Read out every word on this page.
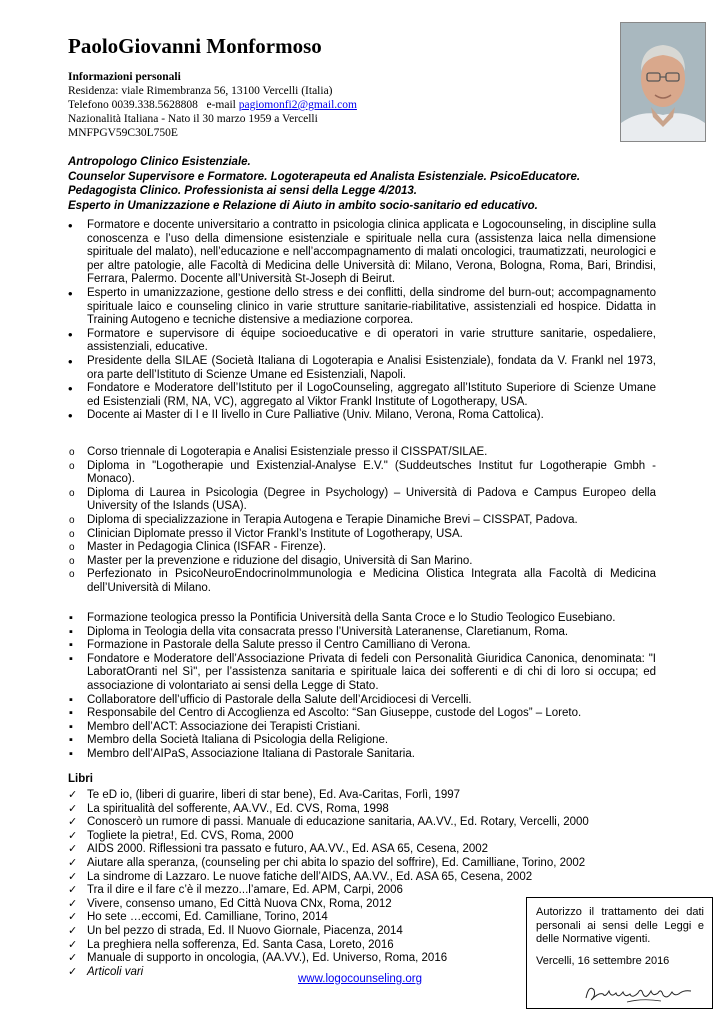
PaoloGiovanni Monformoso
Informazioni personali
Residenza: viale Rimembranza 56, 13100 Vercelli (Italia)
Telefono 0039.338.5628808 e-mail pagiomonfi2@gmail.com
Nazionalità Italiana - Nato il 30 marzo 1959 a Vercelli
MNFPGV59C30L750E
Antropologo Clinico Esistenziale.
Counselor Supervisore e Formatore. Logoterapeuta ed Analista Esistenziale. PsicoEducatore.
Pedagogista Clinico. Professionista ai sensi della Legge 4/2013.
Esperto in Umanizzazione e Relazione di Aiuto in ambito socio-sanitario ed educativo.
• Formatore e docente universitario a contratto in psicologia clinica applicata e Logocounseling, in discipline sulla conoscenza e l’uso della dimensione esistenziale e spirituale nella cura (assistenza laica nella dimensione spirituale del malato), nell’educazione e nell’accompagnamento di malati oncologici, traumatizzati, neurologici e per altre patologie, alle Facoltà di Medicina delle Università di: Milano, Verona, Bologna, Roma, Bari, Brindisi, Ferrara, Palermo. Docente all’Università St-Joseph di Beirut.
• Esperto in umanizzazione, gestione dello stress e dei conflitti, della sindrome del burn-out; accompagnamento spirituale laico e counseling clinico in varie strutture sanitarie-riabilitative, assistenziali ed hospice. Didatta in Training Autogeno e tecniche distensive a mediazione corporea.
• Formatore e supervisore di équipe socioeducative e di operatori in varie strutture sanitarie, ospedaliere, assistenziali, educative.
• Presidente della SILAE (Società Italiana di Logoterapia e Analisi Esistenziale), fondata da V. Frankl nel 1973, ora parte dell’Istituto di Scienze Umane ed Esistenziali, Napoli.
• Fondatore e Moderatore dell’Istituto per il LogoCounseling, aggregato all’Istituto Superiore di Scienze Umane ed Esistenziali (RM, NA, VC), aggregato al Viktor Frankl Institute of Logotherapy, USA.
• Docente ai Master di I e II livello in Cure Palliative (Univ. Milano, Verona, Roma Cattolica).
o Corso triennale di Logoterapia e Analisi Esistenziale presso il CISSPAT/SILAE.
o Diploma in "Logotherapie und Existenzial-Analyse E.V." (Suddeutsches Institut fur Logotherapie Gmbh - Monaco).
o Diploma di Laurea in Psicologia (Degree in Psychology) – Università di Padova e Campus Europeo della University of the Islands (USA).
o Diploma di specializzazione in Terapia Autogena e Terapie Dinamiche Brevi – CISSPAT, Padova.
o Clinician Diplomate presso il Victor Frankl’s Institute of Logotherapy, USA.
o Master in Pedagogia Clinica (ISFAR - Firenze).
o Master per la prevenzione e riduzione del disagio, Università di San Marino.
o Perfezionato in PsicoNeuroEndocrinoImmunologia e Medicina Olistica Integrata alla Facoltà di Medicina dell’Università di Milano.
▪ Formazione teologica presso la Pontificia Università della Santa Croce e lo Studio Teologico Eusebiano.
▪ Diploma in Teologia della vita consacrata presso l’Università Lateranense, Claretianum, Roma.
▪ Formazione in Pastorale della Salute presso il Centro Camilliano di Verona.
▪ Fondatore e Moderatore dell’Associazione Privata di fedeli con Personalità Giuridica Canonica, denominata: "I LaboratOranti nel Sì", per l’assistenza sanitaria e spirituale laica dei sofferenti e di chi di loro si occupa; ed associazione di volontariato ai sensi della Legge di Stato.
▪ Collaboratore dell’ufficio di Pastorale della Salute dell’Arcidiocesi di Vercelli.
▪ Responsabile del Centro di Accoglienza ed Ascolto: “San Giuseppe, custode del Logos” – Loreto.
▪ Membro dell’ACT: Associazione dei Terapisti Cristiani.
▪ Membro della Società Italiana di Psicologia della Religione.
▪ Membro dell’AIPaS, Associazione Italiana di Pastorale Sanitaria.
Libri
✓ Te eD io, (liberi di guarire, liberi di star bene), Ed. Ava-Caritas, Forlì, 1997
✓ La spiritualità del sofferente, AA.VV., Ed. CVS, Roma, 1998
✓ Conoscerò un rumore di passi. Manuale di educazione sanitaria, AA.VV., Ed. Rotary, Vercelli, 2000
✓ Togliete la pietra!, Ed. CVS, Roma, 2000
✓ AIDS 2000. Riflessioni tra passato e futuro, AA.VV., Ed. ASA 65, Cesena, 2002
✓ Aiutare alla speranza, (counseling per chi abita lo spazio del soffrire), Ed. Camilliane, Torino, 2002
✓ La sindrome di Lazzaro. Le nuove fatiche dell’AIDS, AA.VV., Ed. ASA 65, Cesena, 2002
✓ Tra il dire e il fare c’è il mezzo...l’amare, Ed. APM, Carpi, 2006
✓ Vivere, consenso umano, Ed Città Nuova CNx, Roma, 2012
✓ Ho sete …eccomi, Ed. Camilliane, Torino, 2014
✓ Un bel pezzo di strada, Ed. Il Nuovo Giornale, Piacenza, 2014
✓ La preghiera nella sofferenza, Ed. Santa Casa, Loreto, 2016
✓ Manuale di supporto in oncologia, (AA.VV.), Ed. Universo, Roma, 2016
✓ Articoli vari
www.logocounseling.org
Autorizzo il trattamento dei dati personali ai sensi delle Leggi e delle Normative vigenti.
Vercelli, 16 settembre 2016
